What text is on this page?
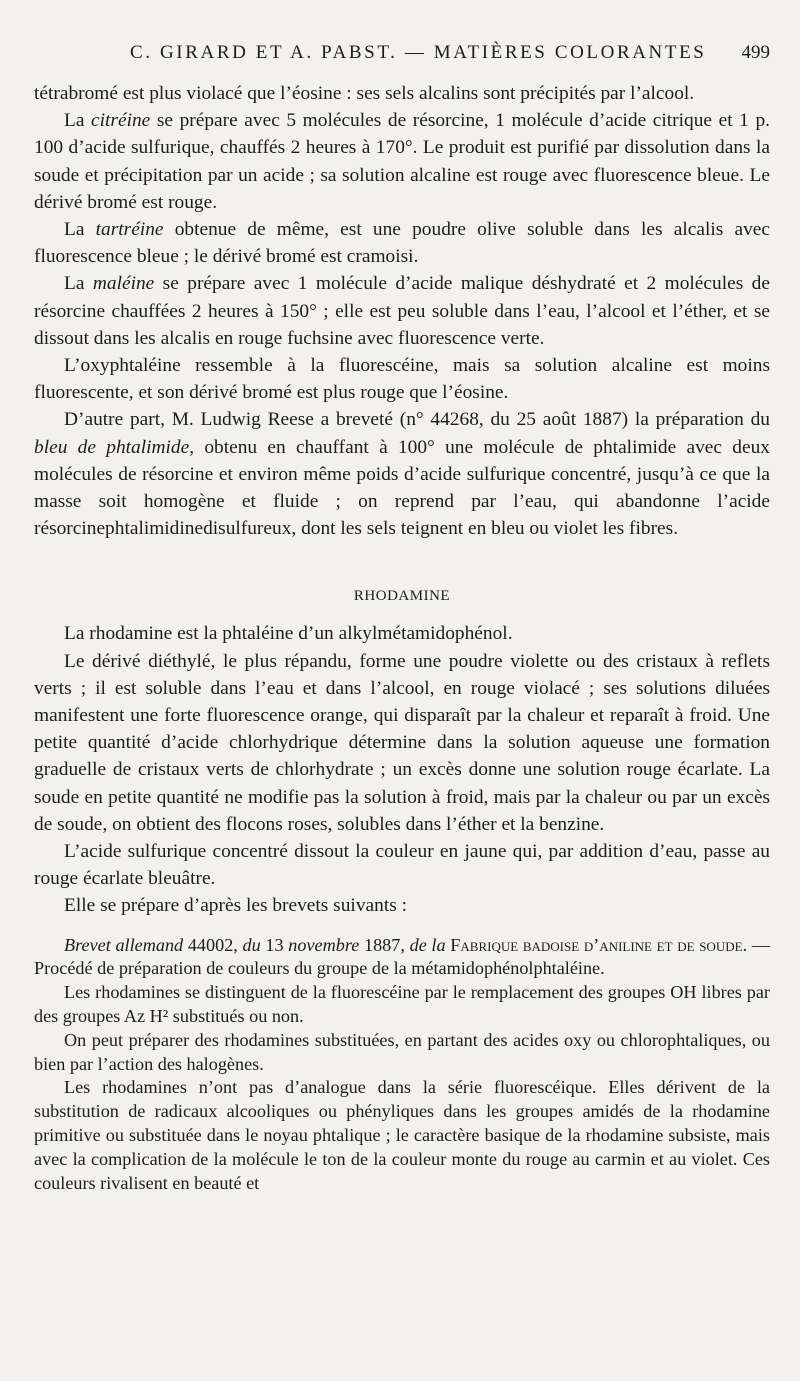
C. GIRARD ET A. PABST. — MATIÈRES COLORANTES 499

tétrabromé est plus violacé que l’éosine : ses sels alcalins sont précipités par l’alcool.

La citréine se prépare avec 5 molécules de résorcine, 1 molécule d’acide citrique et 1 p. 100 d’acide sulfurique, chauffés 2 heures à 170°. Le produit est purifié par dissolution dans la soude et précipitation par un acide ; sa solution alcaline est rouge avec fluorescence bleue. Le dérivé bromé est rouge.

La tartréine obtenue de même, est une poudre olive soluble dans les alcalis avec fluorescence bleue ; le dérivé bromé est cramoisi.

La maléine se prépare avec 1 molécule d’acide malique déshydraté et 2 molécules de résorcine chauffées 2 heures à 150° ; elle est peu soluble dans l’eau, l’alcool et l’éther, et se dissout dans les alcalis en rouge fuchsine avec fluorescence verte.

L’oxyphtaléine ressemble à la fluorescéine, mais sa solution alcaline est moins fluorescente, et son dérivé bromé est plus rouge que l’éosine.

D’autre part, M. Ludwig Reese a breveté (n° 44268, du 25 août 1887) la préparation du bleu de phtalimide, obtenu en chauffant à 100° une molécule de phtalimide avec deux molécules de résorcine et environ même poids d’acide sulfurique concentré, jusqu’à ce que la masse soit homogène et fluide ; on reprend par l’eau, qui abandonne l’acide résorcinephtalimidinedisulfureux, dont les sels teignent en bleu ou violet les fibres.

RHODAMINE

La rhodamine est la phtaléine d’un alkylmétamidophénol.

Le dérivé diéthylé, le plus répandu, forme une poudre violette ou des cristaux à reflets verts ; il est soluble dans l’eau et dans l’alcool, en rouge violacé ; ses solutions diluées manifestent une forte fluorescence orange, qui disparaît par la chaleur et reparaît à froid. Une petite quantité d’acide chlorhydrique détermine dans la solution aqueuse une formation graduelle de cristaux verts de chlorhydrate ; un excès donne une solution rouge écarlate. La soude en petite quantité ne modifie pas la solution à froid, mais par la chaleur ou par un excès de soude, on obtient des flocons roses, solubles dans l’éther et la benzine.

L’acide sulfurique concentré dissout la couleur en jaune qui, par addition d’eau, passe au rouge écarlate bleuâtre.

Elle se prépare d’après les brevets suivants :

Brevet allemand 44002, du 13 novembre 1887, de la Fabrique badoise d’aniline et de soude. — Procédé de préparation de couleurs du groupe de la métamidophénolphtaléine.

Les rhodamines se distinguent de la fluorescéine par le remplacement des groupes OH libres par des groupes Az H² substitués ou non.

On peut préparer des rhodamines substituées, en partant des acides oxy ou chlorophtaliques, ou bien par l’action des halogènes.

Les rhodamines n’ont pas d’analogue dans la série fluorescéique. Elles dérivent de la substitution de radicaux alcooliques ou phényliques dans les groupes amidés de la rhodamine primitive ou substituée dans le noyau phtalique ; le caractère basique de la rhodamine subsiste, mais avec la complication de la molécule le ton de la couleur monte du rouge au carmin et au violet. Ces couleurs rivalisent en beauté et
